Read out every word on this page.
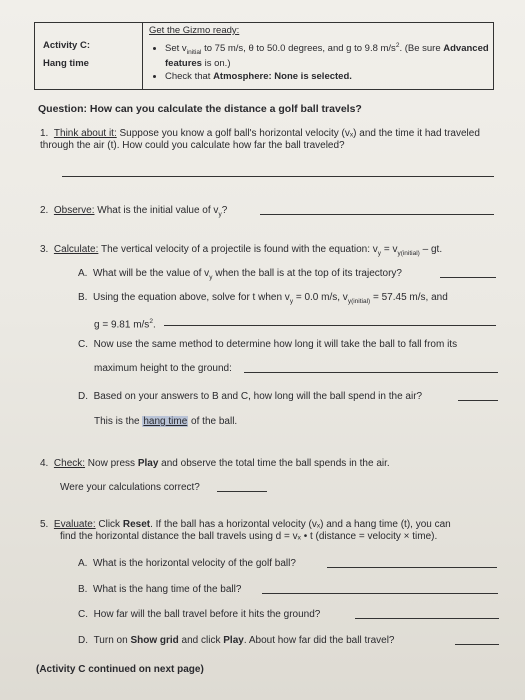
Activity C:
Hang time
Get the Gizmo ready:
• Set $v_{initial}$ to 75 m/s, θ to 50.0 degrees, and g to 9.8 $m/s^2$. (Be sure Advanced features is on.)
• Check that Atmosphere: None is selected.
Question: How can you calculate the distance a golf ball travels?
1. Think about it: Suppose you know a golf ball's horizontal velocity (vₓ) and the time it had traveled through the air (t). How could you calculate how far the ball traveled?
2. Observe: What is the initial value of $v_y$?
3. Calculate: The vertical velocity of a projectile is found with the equation: $v_y = v_{y(initial)}$ – gt.
A. What will be the value of $v_y$ when the ball is at the top of its trajectory?
B. Using the equation above, solve for t when $v_y = 0.0$ m/s, $v_{y(initial)} = 57.45$ m/s, and
g = 9.81 $m/s^2$.
C. Now use the same method to determine how long it will take the ball to fall from its
maximum height to the ground:
D. Based on your answers to B and C, how long will the ball spend in the air?
This is the hang time of the ball.
4. Check: Now press Play and observe the total time the ball spends in the air.
Were your calculations correct?
5. Evaluate: Click Reset. If the ball has a horizontal velocity (vₓ) and a hang time (t), you can
find the horizontal distance the ball travels using d = vₓ • t (distance = velocity × time).
A. What is the horizontal velocity of the golf ball?
B. What is the hang time of the ball?
C. How far will the ball travel before it hits the ground?
D. Turn on Show grid and click Play. About how far did the ball travel?
(Activity C continued on next page)
